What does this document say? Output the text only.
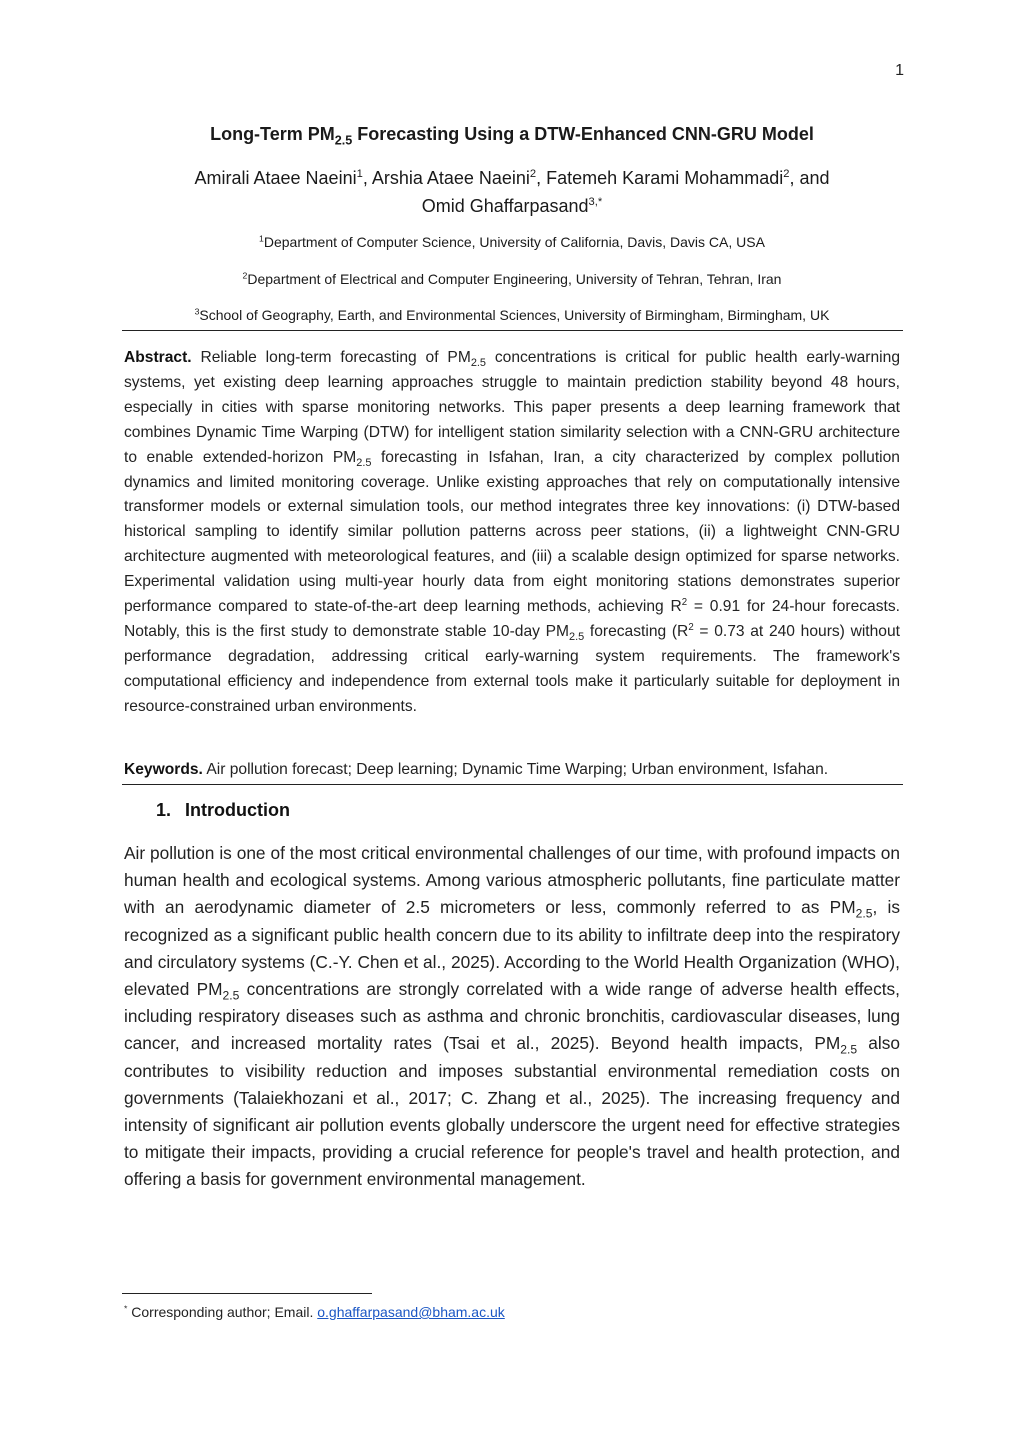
1
Long-Term $PM_{2.5}$ Forecasting Using a DTW-Enhanced CNN-GRU Model
Amirali Ataee Naeini$^1$, Arshia Ataee Naeini$^2$, Fatemeh Karami Mohammadi$^2$, and
Omid Ghaffarpasand$^{3,*}$
$^1$Department of Computer Science, University of California, Davis, Davis CA, USA
$^2$Department of Electrical and Computer Engineering, University of Tehran, Tehran, Iran
$^3$School of Geography, Earth, and Environmental Sciences, University of Birmingham, Birmingham, UK
Abstract. Reliable long-term forecasting of $PM_{2.5}$ concentrations is critical for public health early-warning systems, yet existing deep learning approaches struggle to maintain prediction stability beyond 48 hours, especially in cities with sparse monitoring networks. This paper presents a deep learning framework that combines Dynamic Time Warping (DTW) for intelligent station similarity selection with a CNN-GRU architecture to enable extended-horizon $PM_{2.5}$ forecasting in Isfahan, Iran, a city characterized by complex pollution dynamics and limited monitoring coverage. Unlike existing approaches that rely on computationally intensive transformer models or external simulation tools, our method integrates three key innovations: (i) DTW-based historical sampling to identify similar pollution patterns across peer stations, (ii) a lightweight CNN-GRU architecture augmented with meteorological features, and (iii) a scalable design optimized for sparse networks. Experimental validation using multi-year hourly data from eight monitoring stations demonstrates superior performance compared to state-of-the-art deep learning methods, achieving $R^2 = 0.91$ for 24-hour forecasts. Notably, this is the first study to demonstrate stable 10-day $PM_{2.5}$ forecasting ($R^2 = 0.73$ at 240 hours) without performance degradation, addressing critical early-warning system requirements. The framework's computational efficiency and independence from external tools make it particularly suitable for deployment in resource-constrained urban environments.
Keywords. Air pollution forecast; Deep learning; Dynamic Time Warping; Urban environment, Isfahan.
1. Introduction
Air pollution is one of the most critical environmental challenges of our time, with profound impacts on human health and ecological systems. Among various atmospheric pollutants, fine particulate matter with an aerodynamic diameter of 2.5 micrometers or less, commonly referred to as $PM_{2.5}$, is recognized as a significant public health concern due to its ability to infiltrate deep into the respiratory and circulatory systems (C.-Y. Chen et al., 2025). According to the World Health Organization (WHO), elevated $PM_{2.5}$ concentrations are strongly correlated with a wide range of adverse health effects, including respiratory diseases such as asthma and chronic bronchitis, cardiovascular diseases, lung cancer, and increased mortality rates (Tsai et al., 2025). Beyond health impacts, $PM_{2.5}$ also contributes to visibility reduction and imposes substantial environmental remediation costs on governments (Talaiekhozani et al., 2017; C. Zhang et al., 2025). The increasing frequency and intensity of significant air pollution events globally underscore the urgent need for effective strategies to mitigate their impacts, providing a crucial reference for people's travel and health protection, and offering a basis for government environmental management.
* Corresponding author; Email. o.ghaffarpasand@bham.ac.uk
